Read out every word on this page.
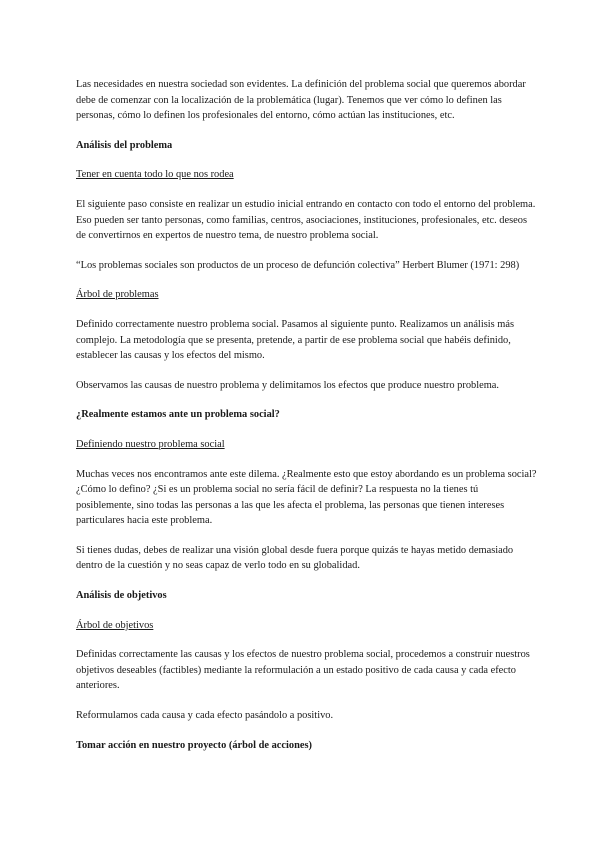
Las necesidades en nuestra sociedad son evidentes. La definición del problema social que queremos abordar debe de comenzar con la localización de la problemática (lugar). Tenemos que ver cómo lo definen las personas, cómo lo definen los profesionales del entorno, cómo actúan las instituciones, etc.

Análisis del problema

Tener en cuenta todo lo que nos rodea

El siguiente paso consiste en realizar un estudio inicial entrando en contacto con todo el entorno del problema. Eso pueden ser tanto personas, como familias, centros, asociaciones, instituciones, profesionales, etc. deseos de convertirnos en expertos de nuestro tema, de nuestro problema social.

“Los problemas sociales son productos de un proceso de defunción colectiva” Herbert Blumer (1971: 298)

Árbol de problemas

Definido correctamente nuestro problema social. Pasamos al siguiente punto. Realizamos un análisis más complejo. La metodología que se presenta, pretende, a partir de ese problema social que habéis definido, establecer las causas y los efectos del mismo.

Observamos las causas de nuestro problema y delimitamos los efectos que produce nuestro problema.

¿Realmente estamos ante un problema social?

Definiendo nuestro problema social

Muchas veces nos encontramos ante este dilema. ¿Realmente esto que estoy abordando es un problema social? ¿Cómo lo defino? ¿Si es un problema social no sería fácil de definir? La respuesta no la tienes tú posiblemente, sino todas las personas a las que les afecta el problema, las personas que tienen intereses particulares hacia este problema.

Si tienes dudas, debes de realizar una visión global desde fuera porque quizás te hayas metido demasiado dentro de la cuestión y no seas capaz de verlo todo en su globalidad.

Análisis de objetivos

Árbol de objetivos

Definidas correctamente las causas y los efectos de nuestro problema social, procedemos a construir nuestros objetivos deseables (factibles) mediante la reformulación a un estado positivo de cada causa y cada efecto anteriores.

Reformulamos cada causa y cada efecto pasándolo a positivo.

Tomar acción en nuestro proyecto (árbol de acciones)
